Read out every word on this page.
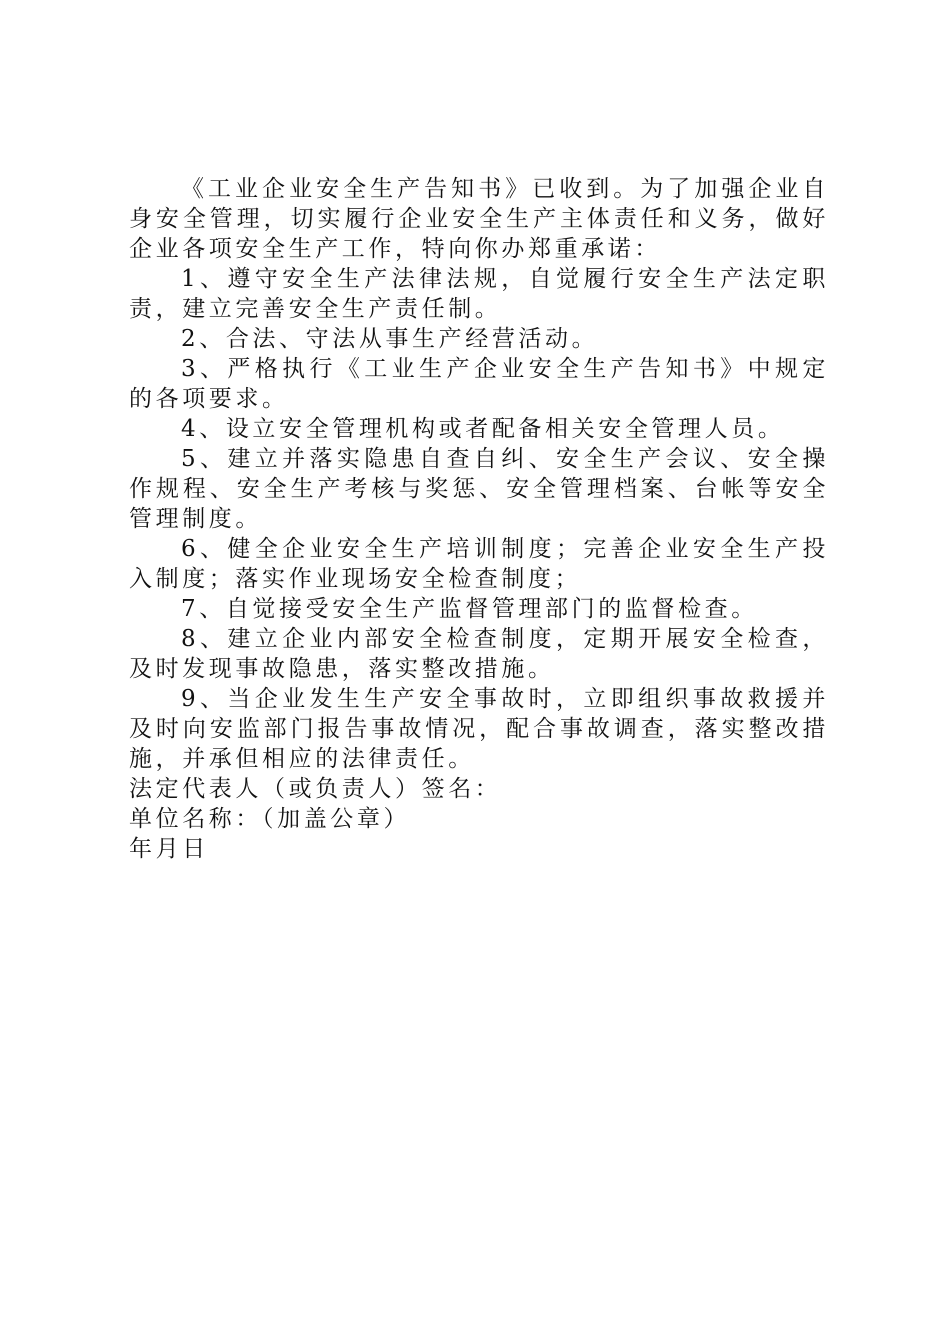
《工业企业安全生产告知书》已收到。为了加强企业自身安全管理，切实履行企业安全生产主体责任和义务，做好企业各项安全生产工作，特向你办郑重承诺：

1、遵守安全生产法律法规，自觉履行安全生产法定职责，建立完善安全生产责任制。

2、合法、守法从事生产经营活动。

3、严格执行《工业生产企业安全生产告知书》中规定的各项要求。

4、设立安全管理机构或者配备相关安全管理人员。

5、建立并落实隐患自查自纠、安全生产会议、安全操作规程、安全生产考核与奖惩、安全管理档案、台帐等安全管理制度。

6、健全企业安全生产培训制度；完善企业安全生产投入制度；落实作业现场安全检查制度；

7、自觉接受安全生产监督管理部门的监督检查。

8、建立企业内部安全检查制度，定期开展安全检查，及时发现事故隐患，落实整改措施。

9、当企业发生生产安全事故时，立即组织事故救援并及时向安监部门报告事故情况，配合事故调查，落实整改措施，并承但相应的法律责任。

法定代表人（或负责人）签名：

单位名称：（加盖公章）

年月日
